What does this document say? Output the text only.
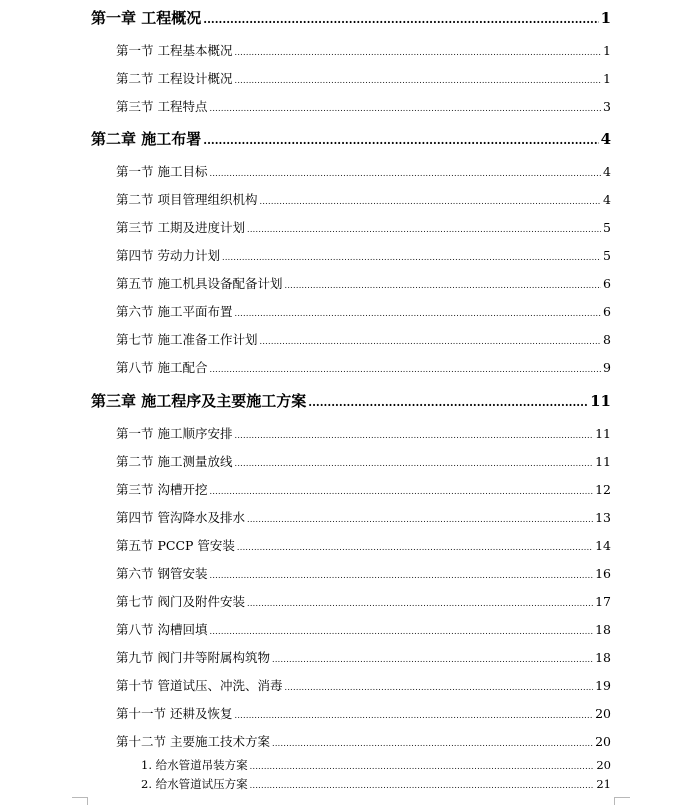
第一章 工程概况 .....	1
第一节 工程基本概况 .....	1
第二节 工程设计概况 .....	1
第三节 工程特点 .....	3
第二章 施工布署 .....	4
第一节 施工目标 .....	4
第二节 项目管理组织机构 .....	4
第三节 工期及进度计划 .....	5
第四节 劳动力计划 .....	5
第五节 施工机具设备配备计划 .....	6
第六节 施工平面布置 .....	6
第七节 施工准备工作计划 .....	8
第八节 施工配合 .....	9
第三章 施工程序及主要施工方案 .....	11
第一节 施工顺序安排 .....	11
第二节 施工测量放线 .....	11
第三节 沟槽开挖 .....	12
第四节 管沟降水及排水 .....	13
第五节 PCCP 管安装 .....	14
第六节 钢管安装 .....	16
第七节 阀门及附件安装 .....	17
第八节 沟槽回填 .....	18
第九节 阀门井等附属构筑物 .....	18
第十节 管道试压、冲洗、消毒 .....	19
第十一节 还耕及恢复 .....	20
第十二节 主要施工技术方案 .....	20
1. 给水管道吊装方案 .....	20
2. 给水管道试压方案 .....	21
